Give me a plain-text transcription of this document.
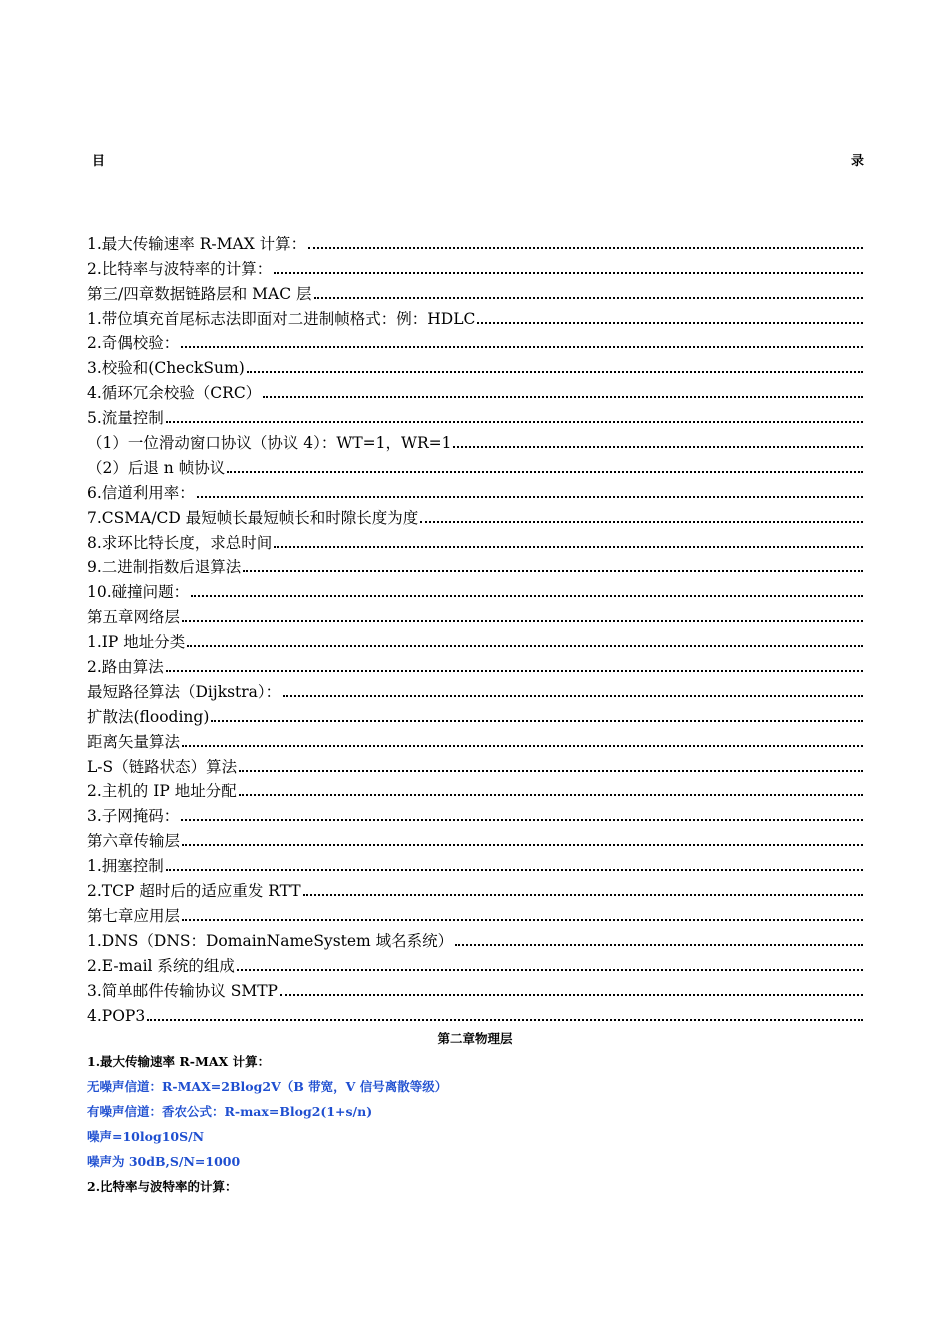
目	录
1.最大传输速率 R-MAX 计算：
2.比特率与波特率的计算：
第三/四章数据链路层和 MAC 层
1.带位填充首尾标志法即面对二进制帧格式：例：HDLC
2.奇偶校验：
3.校验和(CheckSum)
4.循环冗余校验（CRC）
5.流量控制
（1）一位滑动窗口协议（协议 4）：WT=1，WR=1
（2）后退 n 帧协议
6.信道利用率：
7.CSMA/CD 最短帧长最短帧长和时隙长度为度
8.求环比特长度，求总时间
9.二进制指数后退算法
10.碰撞问题：
第五章网络层
1.IP 地址分类
2.路由算法
最短路径算法（Dijkstra）：
扩散法(flooding)
距离矢量算法
L-S（链路状态）算法
2.主机的 IP 地址分配
3.子网掩码：
第六章传输层
1.拥塞控制
2.TCP 超时后的适应重发 RTT
第七章应用层
1.DNS（DNS：DomainNameSystem 域名系统）
2.E-mail 系统的组成
3.简单邮件传输协议 SMTP
4.POP3
第二章物理层
1.最大传输速率 R-MAX 计算：
无噪声信道：R-MAX=2Blog2V（B 带宽，V 信号离散等级）
有噪声信道：香农公式：R-max=Blog2(1+s/n)
噪声=10log10S/N
噪声为 30dB,S/N=1000
2.比特率与波特率的计算：
